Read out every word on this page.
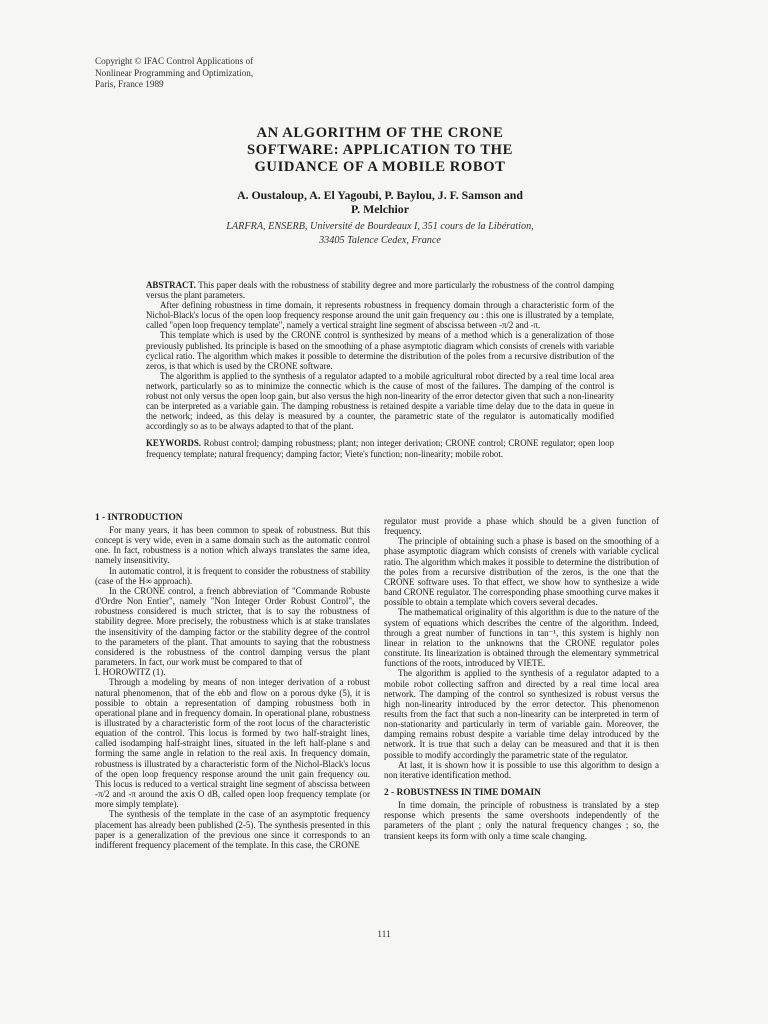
Copyright © IFAC Control Applications of
Nonlinear Programming and Optimization,
Paris, France 1989
AN ALGORITHM OF THE CRONE
SOFTWARE: APPLICATION TO THE
GUIDANCE OF A MOBILE ROBOT
A. Oustaloup, A. El Yagoubi, P. Baylou, J. F. Samson and
P. Melchior
LARFRA, ENSERB, Université de Bourdeaux I, 351 cours de la Libération,
33405 Talence Cedex, France

ABSTRACT. This paper deals with the robustness of stability degree and more particularly the robustness of the control damping versus the plant parameters.

After defining robustness in time domain, it represents robustness in frequency domain through a characteristic form of the Nichol-Black's locus of the open loop frequency response around the unit gain frequency ωu : this one is illustrated by a template, called "open loop frequency template", namely a vertical straight line segment of abscissa between -π/2 and -π.

This template which is used by the CRONE control is synthesized by means of a method which is a generalization of those previously published. Its principle is based on the smoothing of a phase asymptotic diagram which consists of crenels with variable cyclical ratio. The algorithm which makes it possible to determine the distribution of the poles from a recursive distribution of the zeros, is that which is used by the CRONE software.

The algorithm is applied to the synthesis of a regulator adapted to a mobile agricultural robot directed by a real time local area network, particularly so as to minimize the connectic which is the cause of most of the failures. The damping of the control is robust not only versus the open loop gain, but also versus the high non-linearity of the error detector given that such a non-linearity can be interpreted as a variable gain. The damping robustness is retained despite a variable time delay due to the data in queue in the network; indeed, as this delay is measured by a counter, the parametric state of the regulator is automatically modified accordingly so as to be always adapted to that of the plant.

KEYWORDS. Robust control; damping robustness; plant; non integer derivation; CRONE control; CRONE regulator; open loop frequency template; natural frequency; damping factor; Viete's function; non-linearity; mobile robot.

1 - INTRODUCTION

For many years, it has been common to speak of robustness. But this concept is very wide, even in a same domain such as the automatic control one. In fact, robustness is a notion which always translates the same idea, namely insensitivity.

In automatic control, it is frequent to consider the robustness of stability (case of the H∞ approach).

In the CRONE control, a french abbreviation of "Commande Robuste d'Ordre Non Entier", namely "Non Integer Order Robust Control", the robustness considered is much stricter, that is to say the robustness of stability degree. More precisely, the robustness which is at stake translates the insensitivity of the damping factor or the stability degree of the control to the parameters of the plant. That amounts to saying that the robustness considered is the robustness of the control damping versus the plant parameters. In fact, our work must be compared to that of

I. HOROWITZ (1).

Through a modeling by means of non integer derivation of a robust natural phenomenon, that of the ebb and flow on a porous dyke (5), it is possible to obtain a representation of damping robustness both in operational plane and in frequency domain. In operational plane, robustness is illustrated by a characteristic form of the root locus of the characteristic equation of the control. This locus is formed by two half-straight lines, called isodamping half-straight lines, situated in the left half-plane s and forming the same angle in relation to the real axis. In frequency domain, robustness is illustrated by a characteristic form of the Nichol-Black's locus of the open loop frequency response around the unit gain frequency ωu. This locus is reduced to a vertical straight line segment of abscissa between -π/2 and -π around the axis O dB, called open loop frequency template (or more simply template).

The synthesis of the template in the case of an asymptotic frequency placement has already been published (2-5). The synthesis presented in this paper is a generalization of the previous one since it corresponds to an indifferent frequency placement of the template. In this case, the CRONE

regulator must provide a phase which should be a given function of frequency.

The principle of obtaining such a phase is based on the smoothing of a phase asymptotic diagram which consists of crenels with variable cyclical ratio. The algorithm which makes it possible to determine the distribution of the poles from a recursive distribution of the zeros, is the one that the CRONE software uses. To that effect, we show how to synthesize a wide band CRONE regulator. The corresponding phase smoothing curve makes it possible to obtain a template which covers several decades.

The mathematical originality of this algorithm is due to the nature of the system of equations which describes the centre of the algorithm. Indeed, through a great number of functions in tan⁻¹, this system is highly non linear in relation to the unknowns that the CRONE regulator poles constitute. Its linearization is obtained through the elementary symmetrical functions of the roots, introduced by VIETE.

The algorithm is applied to the synthesis of a regulator adapted to a mobile robot collecting saffron and directed by a real time local area network. The damping of the control so synthesized is robust versus the high non-linearity introduced by the error detector. This phenomenon results from the fact that such a non-linearity can be interpreted in term of non-stationarity and particularly in term of variable gain. Moreover, the damping remains robust despite a variable time delay introduced by the network. It is true that such a delay can be measured and that it is then possible to modify accordingly the parametric state of the regulator.

At last, it is shown how it is possible to use this algorithm to design a non iterative identification method.

2 - ROBUSTNESS IN TIME DOMAIN

In time domain, the principle of robustness is translated by a step response which presents the same overshoots independently of the parameters of the plant ; only the natural frequency changes ; so, the transient keeps its form with only a time scale changing.

111
